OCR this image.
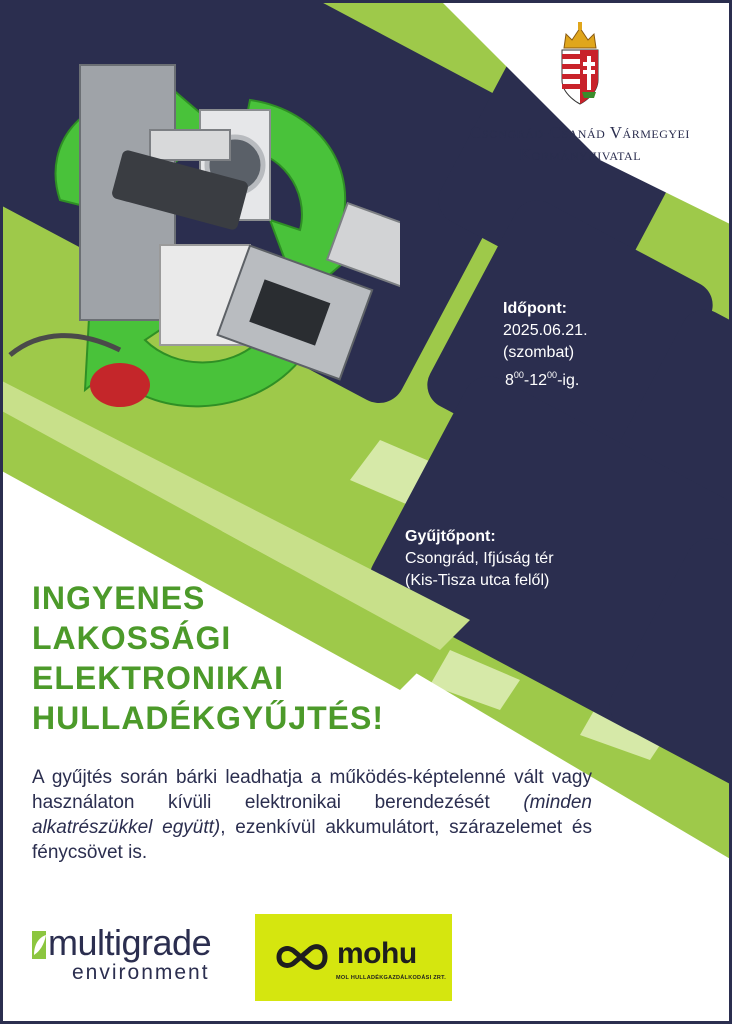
Csongrád-Csanád Vármegyei
Kormányhivatal
Időpont:
2025.06.21.
(szombat)
$8^{00}-12^{00}-ig$.
Gyűjtőpont:
Csongrád, Ifjúság tér
(Kis-Tisza utca felől)
INGYENES
LAKOSSÁGI
ELEKTRONIKAI
HULLADÉKGYŰJTÉS!
A gyűjtés során bárki leadhatja a működés-képtelenné vált vagy használaton kívüli elektronikai berendezését (minden alkatrészükkel együtt), ezenkívül akkumulátort, szárazelemet és fénycsövet is.
multigrade
environment
mohu
MOL HULLADÉKGAZDÁLKODÁSI ZRT.
